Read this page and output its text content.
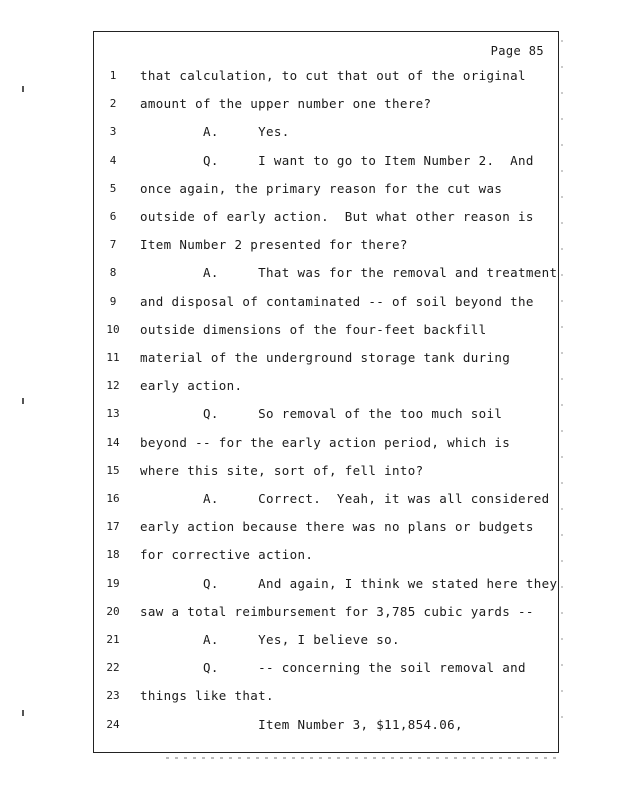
Page 85
1 that calculation, to cut that out of the original
2 amount of the upper number one there?
3 A.     Yes.
4 Q.     I want to go to Item Number 2.  And
5 once again, the primary reason for the cut was
6 outside of early action.  But what other reason is
7 Item Number 2 presented for there?
8 A.     That was for the removal and treatment
9 and disposal of contaminated -- of soil beyond the
10 outside dimensions of the four-feet backfill
11 material of the underground storage tank during
12 early action.
13 Q.     So removal of the too much soil
14 beyond -- for the early action period, which is
15 where this site, sort of, fell into?
16 A.     Correct.  Yeah, it was all considered
17 early action because there was no plans or budgets
18 for corrective action.
19 Q.     And again, I think we stated here they
20 saw a total reimbursement for 3,785 cubic yards --
21 A.     Yes, I believe so.
22 Q.     -- concerning the soil removal and
23 things like that.
24 Item Number 3, $11,854.06,
